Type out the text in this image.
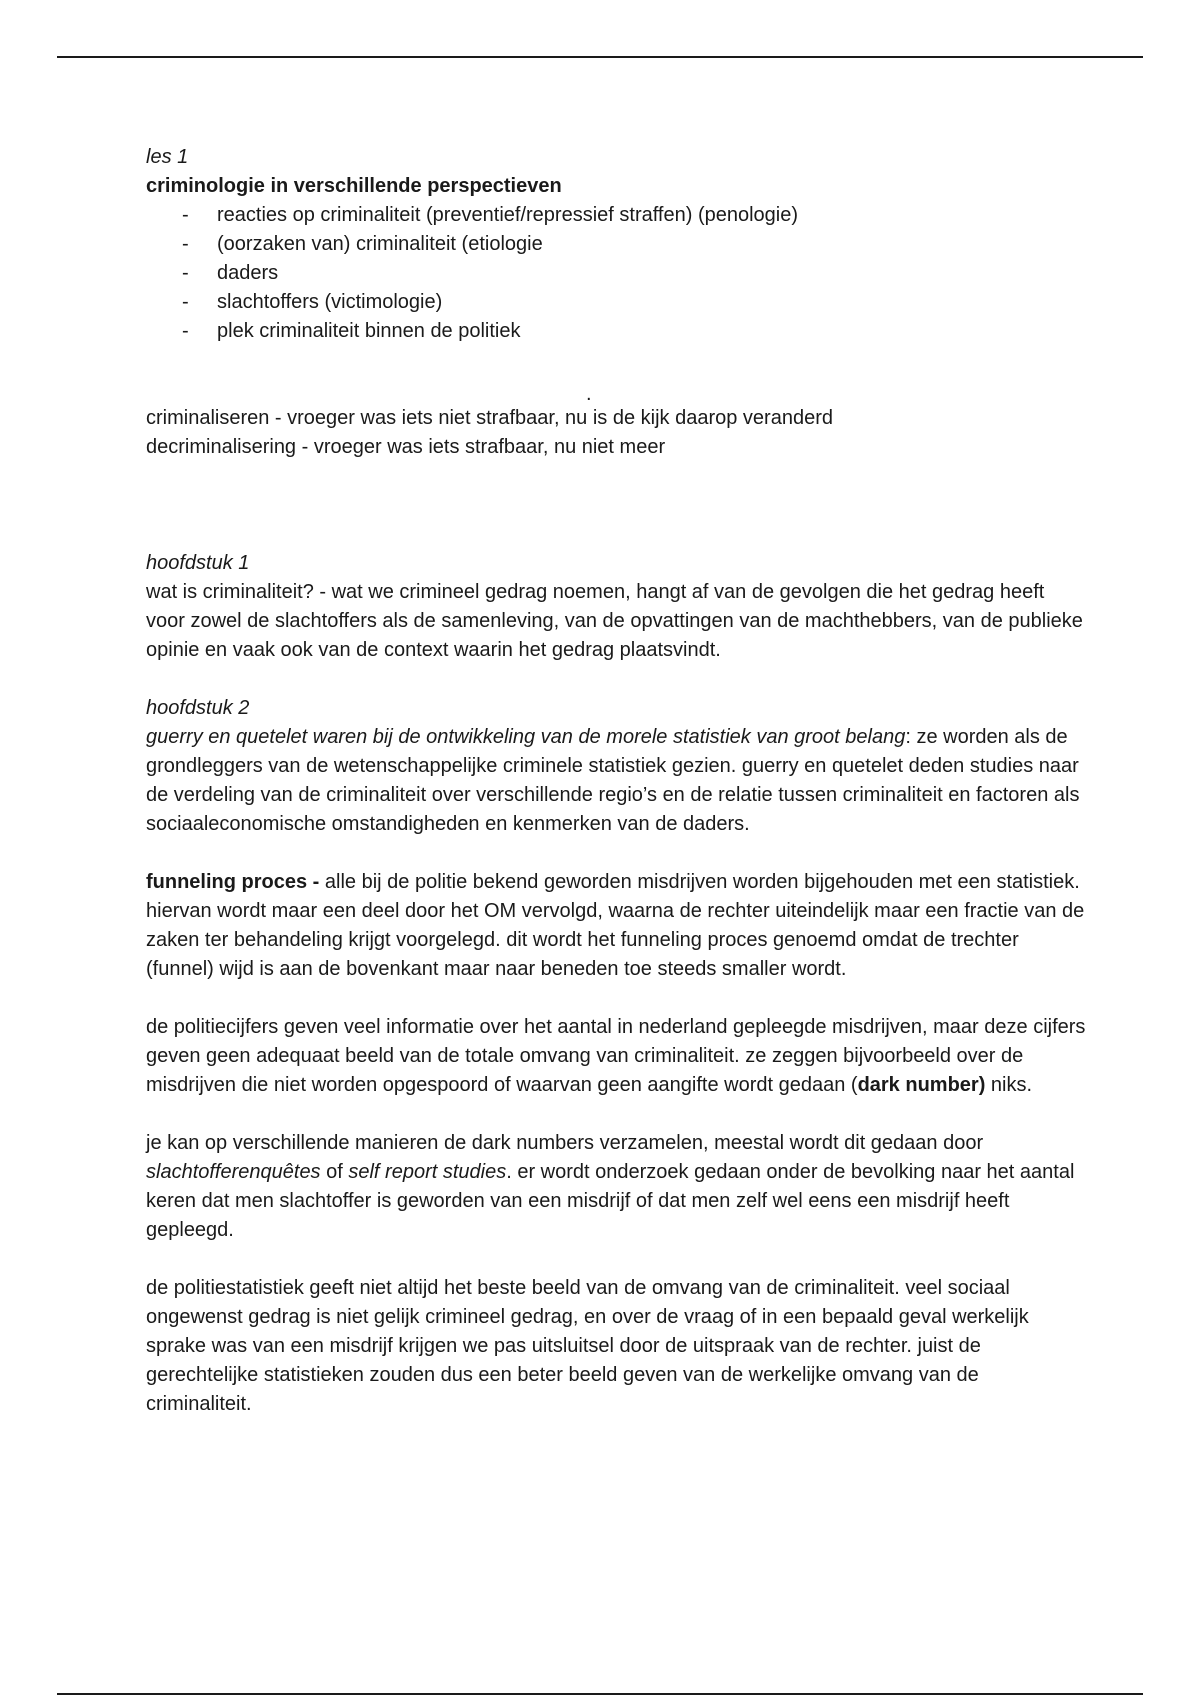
.

les 1

criminologie in verschillende perspectieven

- reacties op criminaliteit (preventief/repressief straffen) (penologie)
- (oorzaken van) criminaliteit (etiologie
- daders
- slachtoffers (victimologie)
- plek criminaliteit binnen de politiek

criminaliseren - vroeger was iets niet strafbaar, nu is de kijk daarop veranderd

decriminalisering - vroeger was iets strafbaar, nu niet meer

hoofdstuk 1

wat is criminaliteit? - wat we crimineel gedrag noemen, hangt af van de gevolgen die het gedrag heeft voor zowel de slachtoffers als de samenleving, van de opvattingen van de machthebbers, van de publieke opinie en vaak ook van de context waarin het gedrag plaatsvindt.

hoofdstuk 2

guerry en quetelet waren bij de ontwikkeling van de morele statistiek van groot belang: ze worden als de grondleggers van de wetenschappelijke criminele statistiek gezien. guerry en quetelet deden studies naar de verdeling van de criminaliteit over verschillende regio’s en de relatie tussen criminaliteit en factoren als sociaaleconomische omstandigheden en kenmerken van de daders.

funneling proces - alle bij de politie bekend geworden misdrijven worden bijgehouden met een statistiek. hiervan wordt maar een deel door het OM vervolgd, waarna de rechter uiteindelijk maar een fractie van de zaken ter behandeling krijgt voorgelegd. dit wordt het funneling proces genoemd omdat de trechter (funnel) wijd is aan de bovenkant maar naar beneden toe steeds smaller wordt.

de politiecijfers geven veel informatie over het aantal in nederland gepleegde misdrijven, maar deze cijfers geven geen adequaat beeld van de totale omvang van criminaliteit. ze zeggen bijvoorbeeld over de misdrijven die niet worden opgespoord of waarvan geen aangifte wordt gedaan (dark number) niks.

je kan op verschillende manieren de dark numbers verzamelen, meestal wordt dit gedaan door slachtofferenquêtes of self report studies. er wordt onderzoek gedaan onder de bevolking naar het aantal keren dat men slachtoffer is geworden van een misdrijf of dat men zelf wel eens een misdrijf heeft gepleegd.

de politiestatistiek geeft niet altijd het beste beeld van de omvang van de criminaliteit. veel sociaal ongewenst gedrag is niet gelijk crimineel gedrag, en over de vraag of in een bepaald geval werkelijk sprake was van een misdrijf krijgen we pas uitsluitsel door de uitspraak van de rechter. juist de gerechtelijke statistieken zouden dus een beter beeld geven van de werkelijke omvang van de criminaliteit.
